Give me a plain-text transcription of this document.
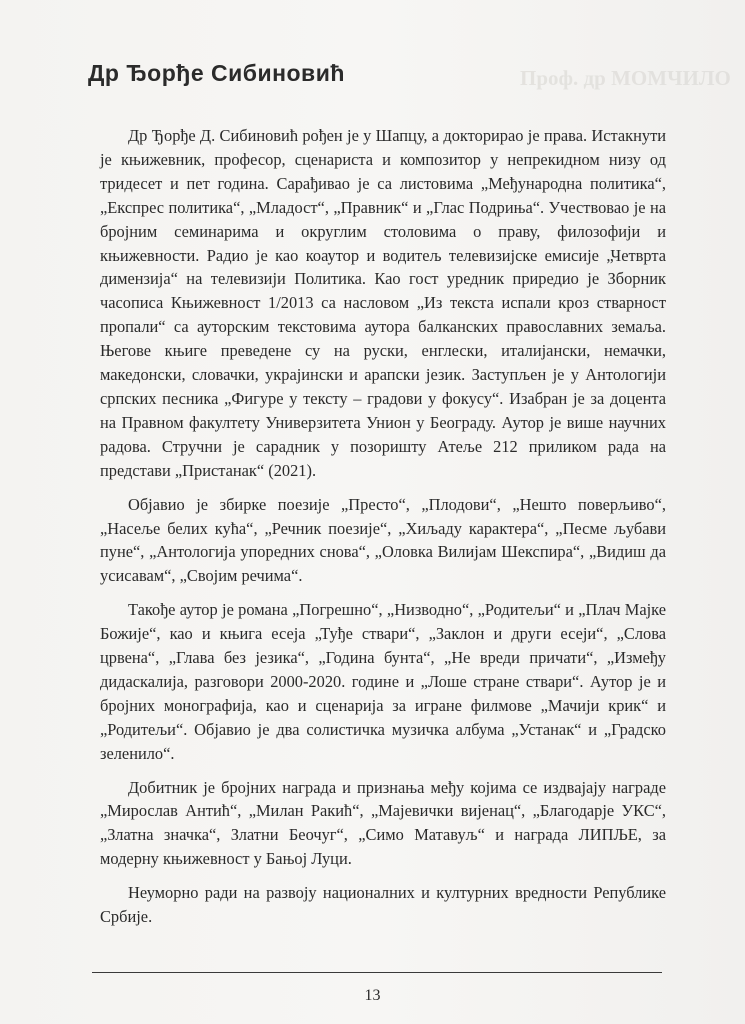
Проф. др МОМЧИЛО
Др Ђорђе Сибиновић

Др Ђорђе Д. Сибиновић рођен је у Шапцу, а докторирао је права. Истакнути је књижевник, професор, сценариста и композитор у непрекидном низу од тридесет и пет година. Сарађивао је са листовима „Међународна политика“, „Експрес политика“, „Младост“, „Правник“ и „Глас Подриња“. Учествовао је на бројним семинарима и округлим столовима о праву, филозофији и књижевности. Радио је као коаутор и водитељ телевизијске емисије „Четврта димензија“ на телевизији Политика. Као гост уредник приредио је Зборник часописа Књижевност 1/2013 са насловом „Из текста испали кроз стварност пропали“ са ауторским текстовима аутора балканских православних земаља. Његове књиге преведене су на руски, енглески, италијански, немачки, македонски, словачки, украјински и арапски језик. Заступљен је у Антологији српских песника „Фигуре у тексту – градови у фокусу“. Изабран је за доцента на Правном факултету Универзитета Унион у Београду. Аутор је више научних радова. Стручни је сарадник у позоришту Атеље 212 приликом рада на представи „Пристанак“ (2021).

Објавио је збирке поезије „Престо“, „Плодови“, „Нешто поверљиво“, „Насеље белих кућа“, „Речник поезије“, „Хиљаду карактера“, „Песме љубави пуне“, „Антологија упоредних снова“, „Оловка Вилијам Шекспира“, „Видиш да усисавам“, „Својим речима“.

Такође аутор је романа „Погрешно“, „Низводно“, „Родитељи“ и „Плач Мајке Божије“, као и књига есеја „Туђе ствари“, „Заклон и други есеји“, „Слова црвена“, „Глава без језика“, „Година бунта“, „Не вреди причати“, „Између дидаскалија, разговори 2000-2020. године и „Лоше стране ствари“. Аутор је и бројних монографија, као и сценарија за игране филмове „Мачији крик“ и „Родитељи“. Објавио је два солистичка музичка албума „Устанак“ и „Градско зеленило“.

Добитник је бројних награда и признања међу којима се издвајају награде „Мирослав Антић“, „Милан Ракић“, „Мајевички вијенац“, „Благодарје УКС“, „Златна значка“, Златни Беочуг“, „Симо Матавуљ“ и награда ЛИПЉЕ, за модерну књижевност у Бањој Луци.

Неуморно ради на развоју националних и културних вредности Републике Србије.

13
